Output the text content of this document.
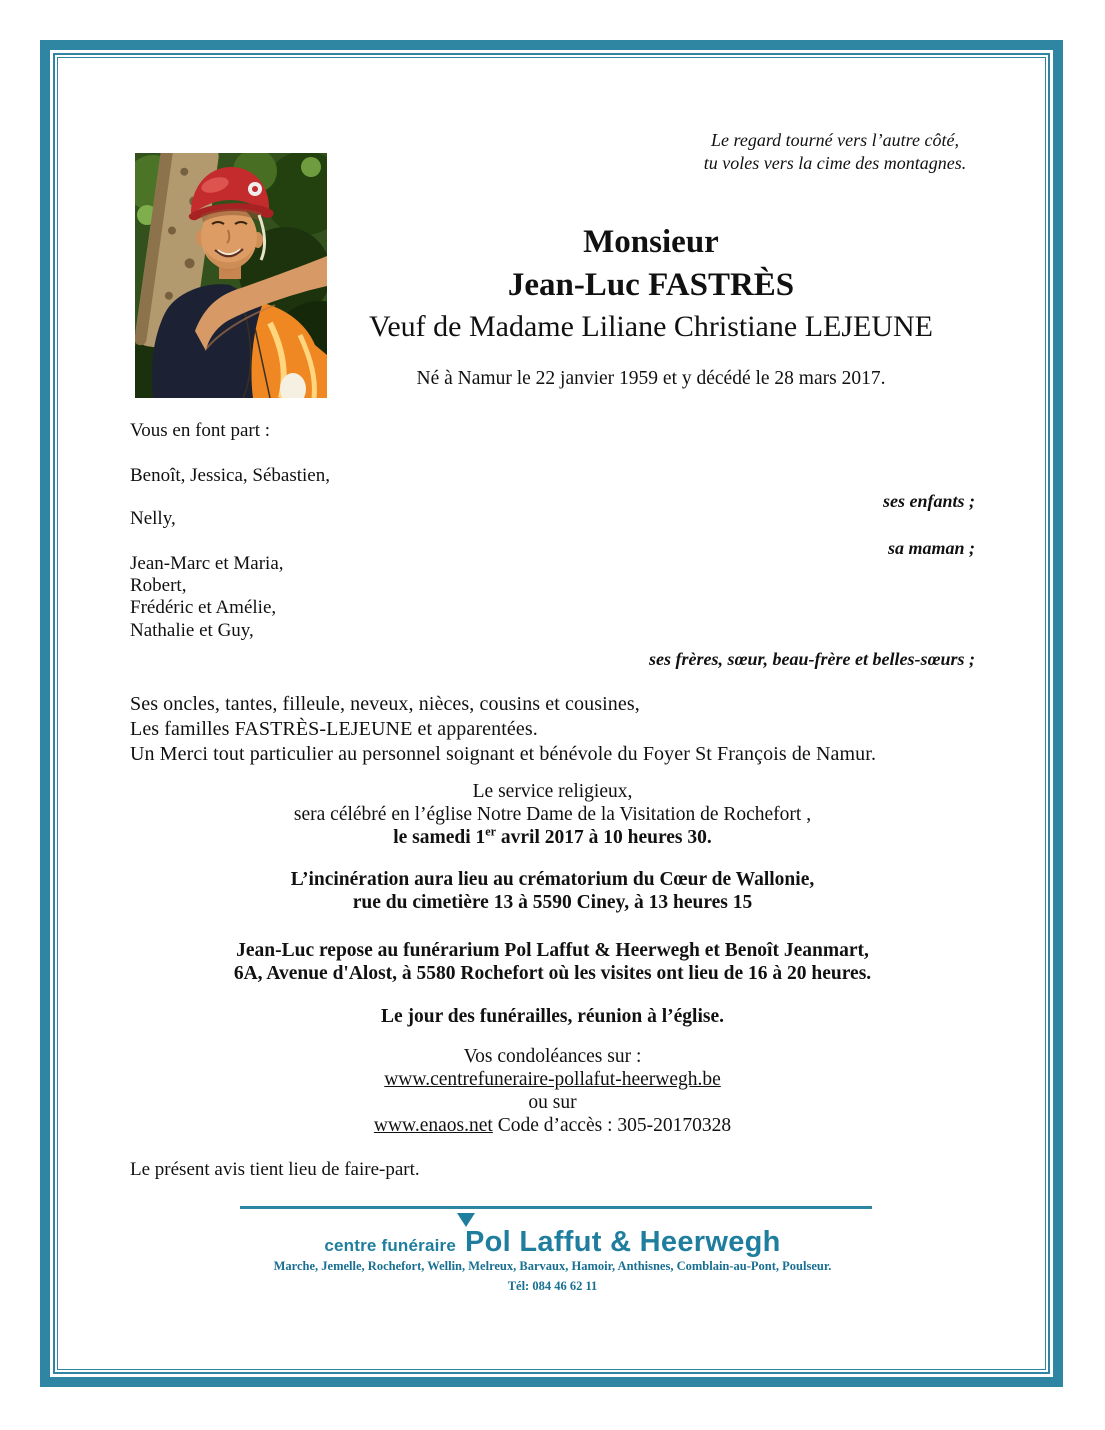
Le regard tourné vers l’autre côté,
tu voles vers la cime des montagnes.
Monsieur
Jean-Luc FASTRÈS
Veuf de Madame Liliane Christiane LEJEUNE
Né à Namur le 22 janvier 1959 et y décédé le 28 mars 2017.
Vous en font part :
Benoît, Jessica, Sébastien,
ses enfants ;
Nelly,
sa maman ;
Jean-Marc et Maria,
Robert,
Frédéric et Amélie,
Nathalie et Guy,
ses frères, sœur, beau-frère et belles-sœurs ;
Ses oncles, tantes, filleule, neveux, nièces, cousins et cousines,
Les familles FASTRÈS-LEJEUNE et apparentées.
Un Merci tout particulier au personnel soignant et bénévole du Foyer St François de Namur.
Le service religieux,
sera célébré en l’église Notre Dame de la Visitation de Rochefort ,
le samedi 1er avril 2017 à 10 heures 30.
L’incinération aura lieu au crématorium du Cœur de Wallonie,
rue du cimetière 13 à 5590 Ciney, à 13 heures 15
Jean-Luc repose au funérarium Pol Laffut & Heerwegh et Benoît Jeanmart,
6A, Avenue d'Alost, à 5580 Rochefort où les visites ont lieu de 16 à 20 heures.
Le jour des funérailles, réunion à l’église.
Vos condoléances sur :
www.centrefuneraire-pollafut-heerwegh.be
ou sur
www.enaos.net Code d’accès : 305-20170328
Le présent avis tient lieu de faire-part.
centre funéraire Pol Laffut & Heerwegh
Marche, Jemelle, Rochefort, Wellin, Melreux, Barvaux, Hamoir, Anthisnes, Comblain-au-Pont, Poulseur.
Tél: 084 46 62 11
